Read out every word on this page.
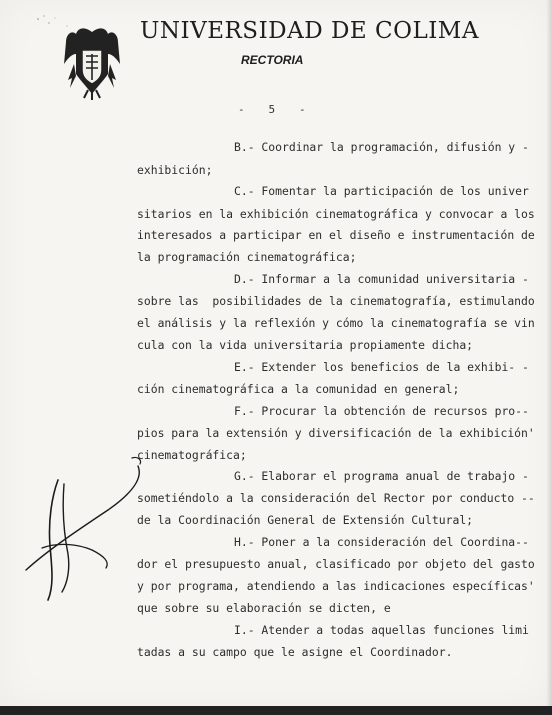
UNIVERSIDAD DE COLIMA
RECTORIA
-   5   -
B.- Coordinar la programación, difusión y -
exhibición;
C.- Fomentar la participación de los univer
sitarios en la exhibición cinematográfica y convocar a los
interesados a participar en el diseño e instrumentación de
la programación cinematográfica;
D.- Informar a la comunidad universitaria -
sobre las  posibilidades de la cinematografía, estimulando
el análisis y la reflexión y cómo la cinematografía se vin
cula con la vida universitaria propiamente dicha;
E.- Extender los beneficios de la exhibi- -
ción cinematográfica a la comunidad en general;
F.- Procurar la obtención de recursos pro--
pios para la extensión y diversificación de la exhibición'
cinematográfica;
G.- Elaborar el programa anual de trabajo -
sometiéndolo a la consideración del Rector por conducto --
de la Coordinación General de Extensión Cultural;
H.- Poner a la consideración del Coordina--
dor el presupuesto anual, clasificado por objeto del gasto
y por programa, atendiendo a las indicaciones específicas'
que sobre su elaboración se dicten, e
I.- Atender a todas aquellas funciones limi
tadas a su campo que le asigne el Coordinador.
